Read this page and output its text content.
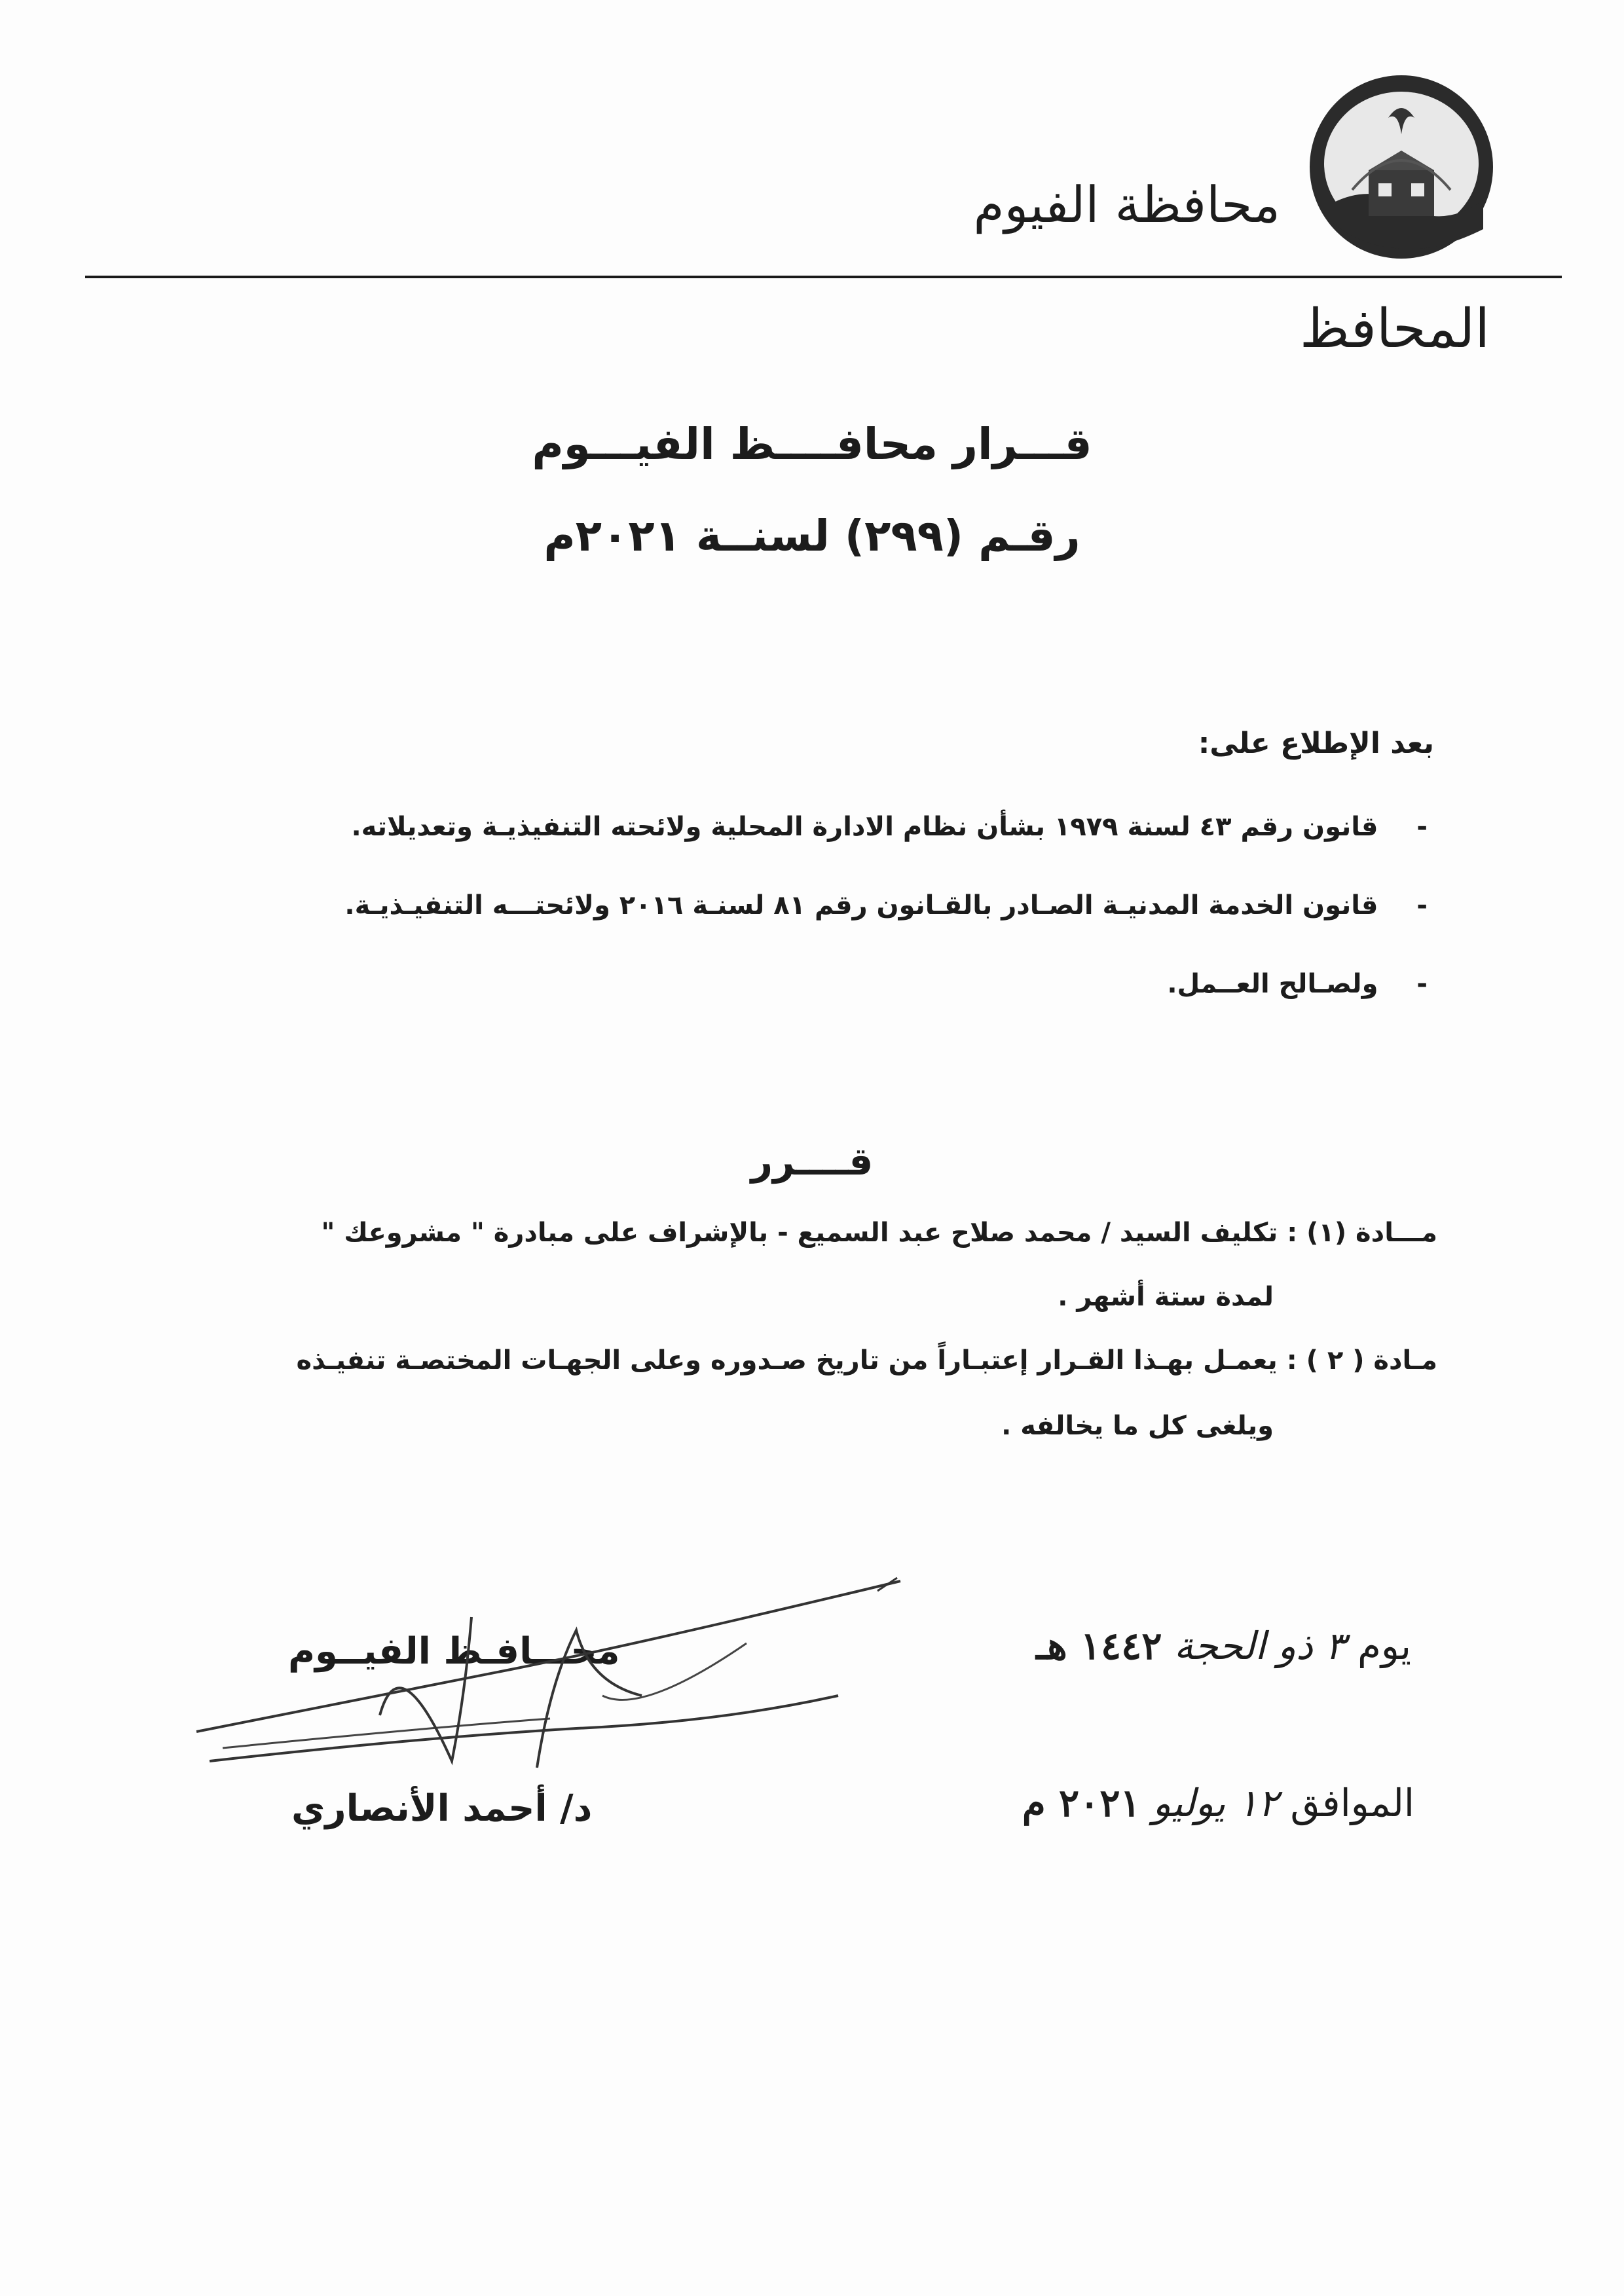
محافظة الفيوم
المحافظ
قـــرار محافــــظ الفيـــوم
رقـم (٢٩٩) لسنــة ٢٠٢١م
بعد الإطلاع على:
- قانون رقم ٤٣ لسنة ١٩٧٩ بشأن نظام الادارة المحلية ولائحته التنفيذيـة وتعديلاته.
- قانون الخدمة المدنيـة الصـادر بالقـانون رقم ٨١ لسنـة ٢٠١٦ ولائحتـــه التنفيـذيـة.
- ولصـالح العــمل.
قــــرر
مـــادة (١) : تكليف السيد / محمد صلاح عبد السميع - بالإشراف على مبادرة " مشروعك "
لمدة ستة أشهر .
مـادة ( ٢ ) : يعمـل بهـذا القـرار إعتبـاراً من تاريخ صـدوره وعلى الجهـات المختصـة تنفيـذه
ويلغى كل ما يخالفه .
يوم ٣ ذو الحجة ١٤٤٢ هـ
الموافق ١٢ يوليو ٢٠٢١ م
محـــافـظ الفيــوم
د/ أحمد الأنصاري
